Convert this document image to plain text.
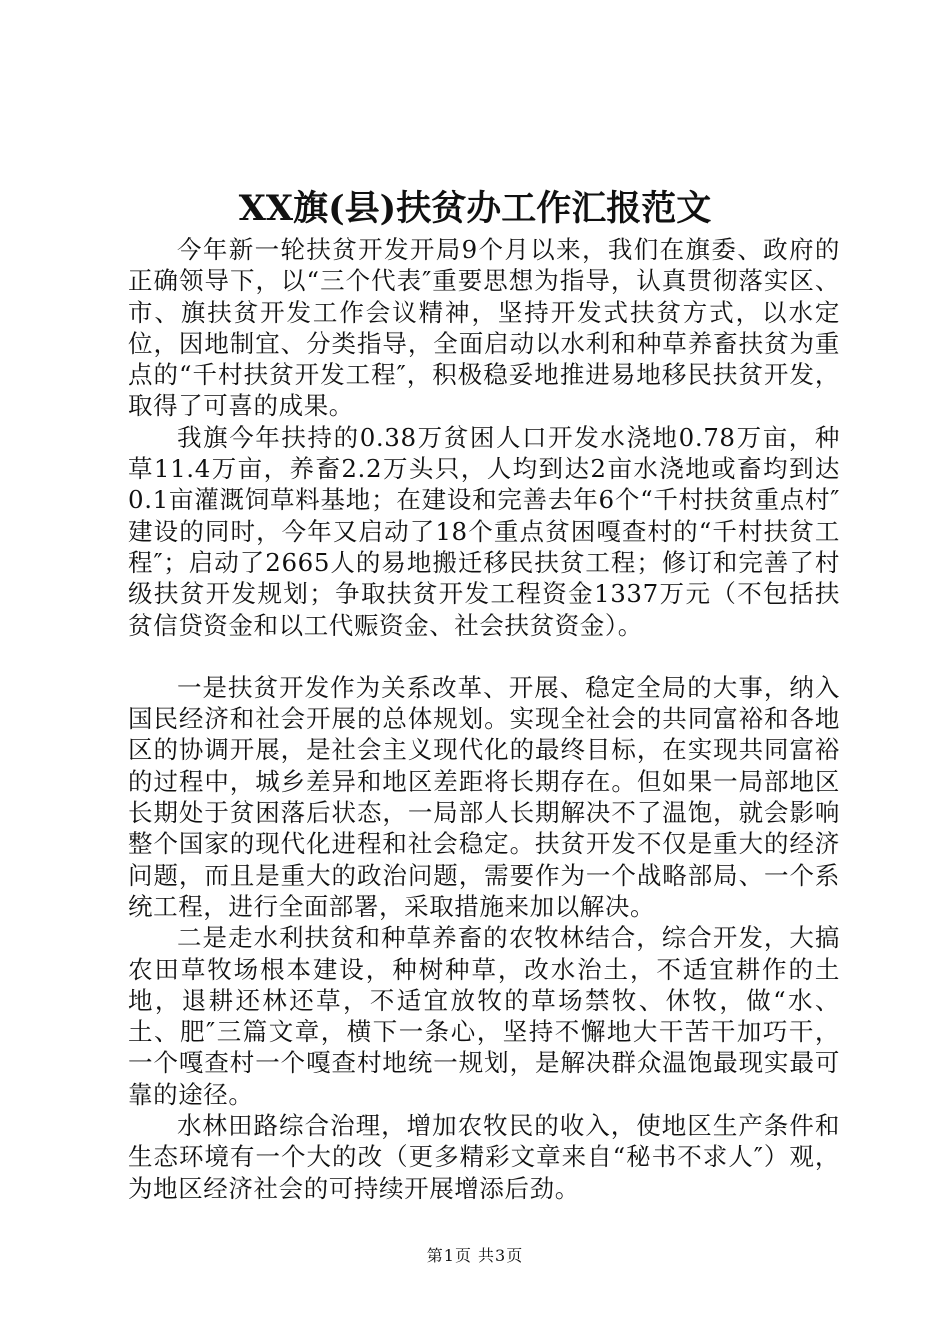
XX旗(县)扶贫办工作汇报范文

今年新一轮扶贫开发开局9个月以来，我们在旗委、政府的正确领导下，以“三个代表″重要思想为指导，认真贯彻落实区、市、旗扶贫开发工作会议精神，坚持开发式扶贫方式，以水定位，因地制宜、分类指导，全面启动以水利和种草养畜扶贫为重点的“千村扶贫开发工程″，积极稳妥地推进易地移民扶贫开发，取得了可喜的成果。

我旗今年扶持的0.38万贫困人口开发水浇地0.78万亩，种草11.4万亩，养畜2.2万头只，人均到达2亩水浇地或畜均到达0.1亩灌溉饲草料基地；在建设和完善去年6个“千村扶贫重点村″建设的同时，今年又启动了18个重点贫困嘎查村的“千村扶贫工程″；启动了2665人的易地搬迁移民扶贫工程；修订和完善了村级扶贫开发规划；争取扶贫开发工程资金1337万元（不包括扶贫信贷资金和以工代赈资金、社会扶贫资金）。

一是扶贫开发作为关系改革、开展、稳定全局的大事，纳入国民经济和社会开展的总体规划。实现全社会的共同富裕和各地区的协调开展，是社会主义现代化的最终目标，在实现共同富裕的过程中，城乡差异和地区差距将长期存在。但如果一局部地区长期处于贫困落后状态，一局部人长期解决不了温饱，就会影响整个国家的现代化进程和社会稳定。扶贫开发不仅是重大的经济问题，而且是重大的政治问题，需要作为一个战略部局、一个系统工程，进行全面部署，采取措施来加以解决。

二是走水利扶贫和种草养畜的农牧林结合，综合开发，大搞农田草牧场根本建设，种树种草，改水治土，不适宜耕作的土地，退耕还林还草，不适宜放牧的草场禁牧、休牧，做“水、土、肥″三篇文章，横下一条心，坚持不懈地大干苦干加巧干，一个嘎查村一个嘎查村地统一规划，是解决群众温饱最现实最可靠的途径。

水林田路综合治理，增加农牧民的收入，使地区生产条件和生态环境有一个大的改（更多精彩文章来自“秘书不求人″）观，为地区经济社会的可持续开展增添后劲。

第1页 共3页
